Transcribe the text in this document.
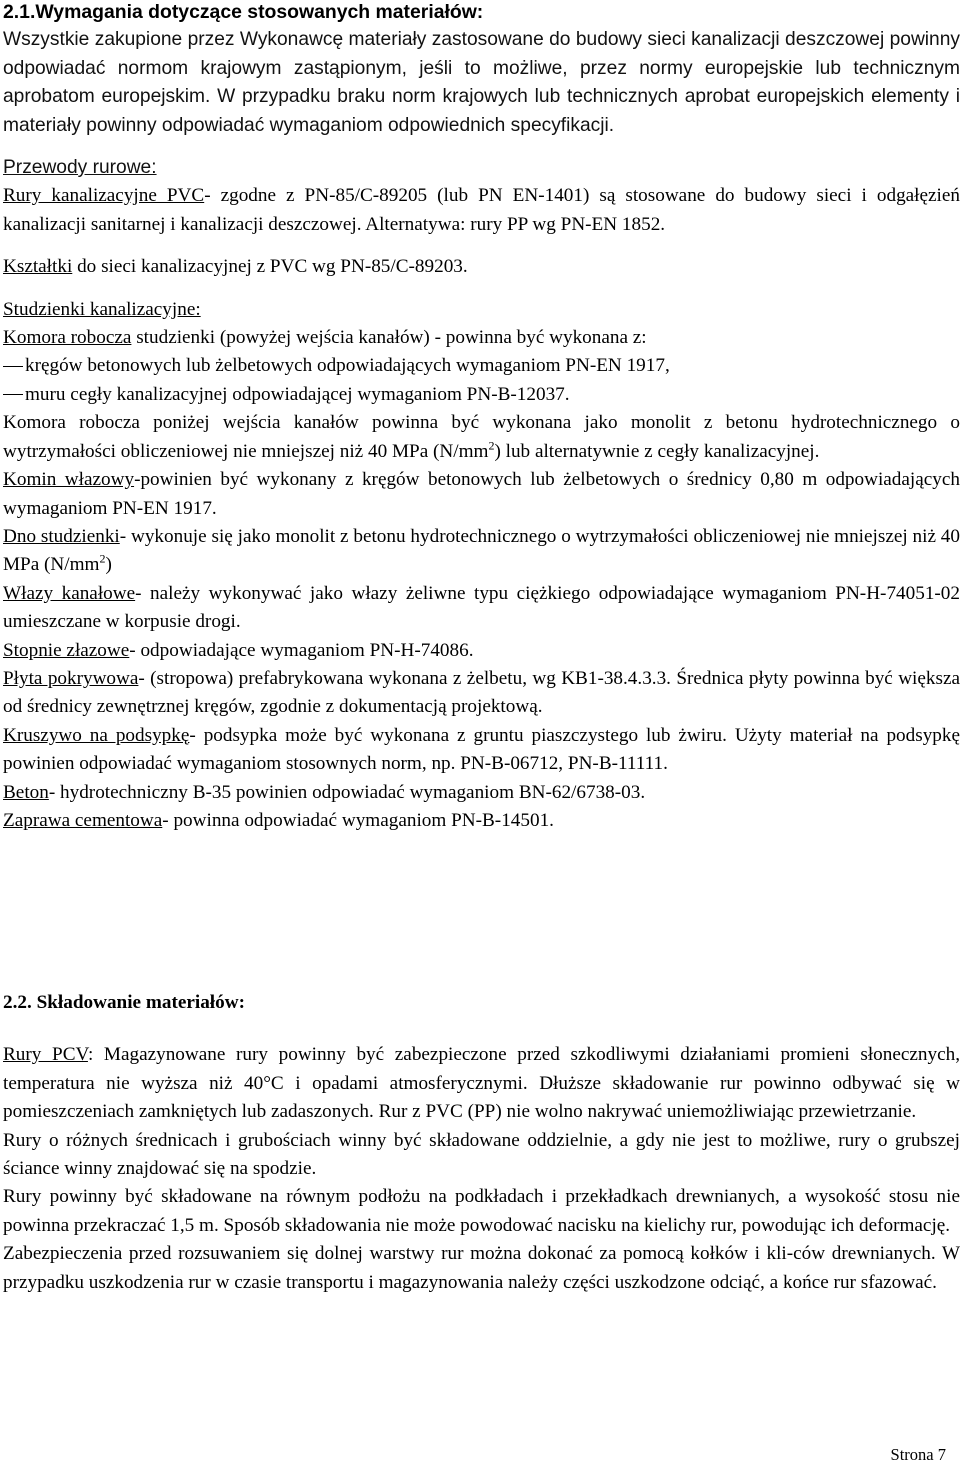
2.1.Wymagania dotyczące stosowanych materiałów:

Wszystkie zakupione przez Wykonawcę materiały zastosowane do budowy sieci kanalizacji deszczowej powinny odpowiadać normom krajowym zastąpionym, jeśli to możliwe, przez normy europejskie lub technicznym aprobatom europejskim. W przypadku braku norm krajowych lub technicznych aprobat europejskich elementy i materiały powinny odpowiadać wymaganiom odpowiednich specyfikacji.

Przewody rurowe:

Rury kanalizacyjne PVC- zgodne z PN-85/C-89205 (lub PN EN-1401) są stosowane do budowy sieci i odgałęzień kanalizacji sanitarnej i kanalizacji deszczowej. Alternatywa: rury PP wg PN-EN 1852.

Kształtki do sieci kanalizacyjnej z PVC wg PN-85/C-89203.

Studzienki kanalizacyjne:

Komora robocza studzienki (powyżej wejścia kanałów) - powinna być wykonana z:

kręgów betonowych lub żelbetowych odpowiadających wymaganiom PN-EN 1917,

muru cegły kanalizacyjnej odpowiadającej wymaganiom PN-B-12037.

Komora robocza poniżej wejścia kanałów powinna być wykonana jako monolit z betonu hydrotechnicznego o wytrzymałości obliczeniowej nie mniejszej niż 40 MPa $(N/mm^2)$ lub alternatywnie z cegły kanalizacyjnej.

Komin włazowy-powinien być wykonany z kręgów betonowych lub żelbetowych o średnicy 0,80 m odpowiadających wymaganiom PN-EN 1917.

Dno studzienki- wykonuje się jako monolit z betonu hydrotechnicznego o wytrzymałości obliczeniowej nie mniejszej niż 40 MPa $(N/mm^2)$

Włazy kanałowe- należy wykonywać jako włazy żeliwne typu ciężkiego odpowiadające wymaganiom PN-H-74051-02 umieszczane w korpusie drogi.

Stopnie złazowe- odpowiadające wymaganiom PN-H-74086.

Płyta pokrywowa- (stropowa) prefabrykowana wykonana z żelbetu, wg KB1-38.4.3.3. Średnica płyty powinna być większa od średnicy zewnętrznej kręgów, zgodnie z dokumentacją projektową.

Kruszywo na podsypkę- podsypka może być wykonana z gruntu piaszczystego lub żwiru. Użyty materiał na podsypkę powinien odpowiadać wymaganiom stosownych norm, np. PN-B-06712, PN-B-11111.

Beton- hydrotechniczny B-35 powinien odpowiadać wymaganiom BN-62/6738-03.

Zaprawa cementowa- powinna odpowiadać wymaganiom PN-B-14501.

2.2. Składowanie materiałów:

Rury PCV: Magazynowane rury powinny być zabezpieczone przed szkodliwymi działaniami promieni słonecznych, temperatura nie wyższa niż 40°C i opadami atmosferycznymi. Dłuższe składowanie rur powinno odbywać się w pomieszczeniach zamkniętych lub zadaszonych. Rur z PVC (PP) nie wolno nakrywać uniemożliwiając przewietrzanie.

Rury o różnych średnicach i grubościach winny być składowane oddzielnie, a gdy nie jest to możliwe, rury o grubszej ściance winny znajdować się na spodzie.

Rury powinny być składowane na równym podłożu na podkładach i przekładkach drewnianych, a wysokość stosu nie powinna przekraczać 1,5 m. Sposób składowania nie może powodować nacisku na kielichy rur, powodując ich deformację.

Zabezpieczenia przed rozsuwaniem się dolnej warstwy rur można dokonać za pomocą kołków i kli-ców drewnianych. W przypadku uszkodzenia rur w czasie transportu i magazynowania należy części uszkodzone odciąć, a końce rur sfazować.

Strona 7
